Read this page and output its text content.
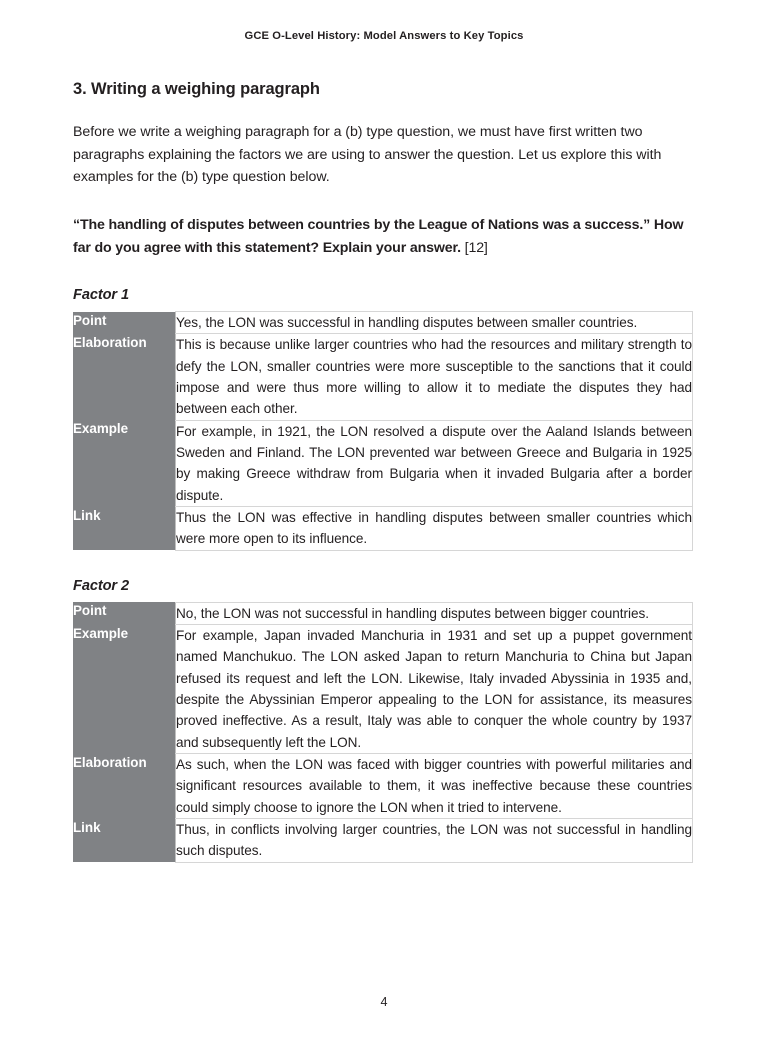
GCE O-Level History: Model Answers to Key Topics
3. Writing a weighing paragraph

Before we write a weighing paragraph for a (b) type question, we must have first written two paragraphs explaining the factors we are using to answer the question. Let us explore this with examples for the (b) type question below.

“The handling of disputes between countries by the League of Nations was a success.” How far do you agree with this statement? Explain your answer. [12]

Factor 1
Point	Yes, the LON was successful in handling disputes between smaller countries.
Elaboration	This is because unlike larger countries who had the resources and military strength to defy the LON, smaller countries were more susceptible to the sanctions that it could impose and were thus more willing to allow it to mediate the disputes they had between each other.
Example	For example, in 1921, the LON resolved a dispute over the Aaland Islands between Sweden and Finland. The LON prevented war between Greece and Bulgaria in 1925 by making Greece withdraw from Bulgaria when it invaded Bulgaria after a border dispute.
Link	Thus the LON was effective in handling disputes between smaller countries which were more open to its influence.
Factor 2
Point	No, the LON was not successful in handling disputes between bigger countries.
Example	For example, Japan invaded Manchuria in 1931 and set up a puppet government named Manchukuo. The LON asked Japan to return Manchuria to China but Japan refused its request and left the LON. Likewise, Italy invaded Abyssinia in 1935 and, despite the Abyssinian Emperor appealing to the LON for assistance, its measures proved ineffective. As a result, Italy was able to conquer the whole country by 1937 and subsequently left the LON.
Elaboration	As such, when the LON was faced with bigger countries with powerful militaries and significant resources available to them, it was ineffective because these countries could simply choose to ignore the LON when it tried to intervene.
Link	Thus, in conflicts involving larger countries, the LON was not successful in handling such disputes.
4
